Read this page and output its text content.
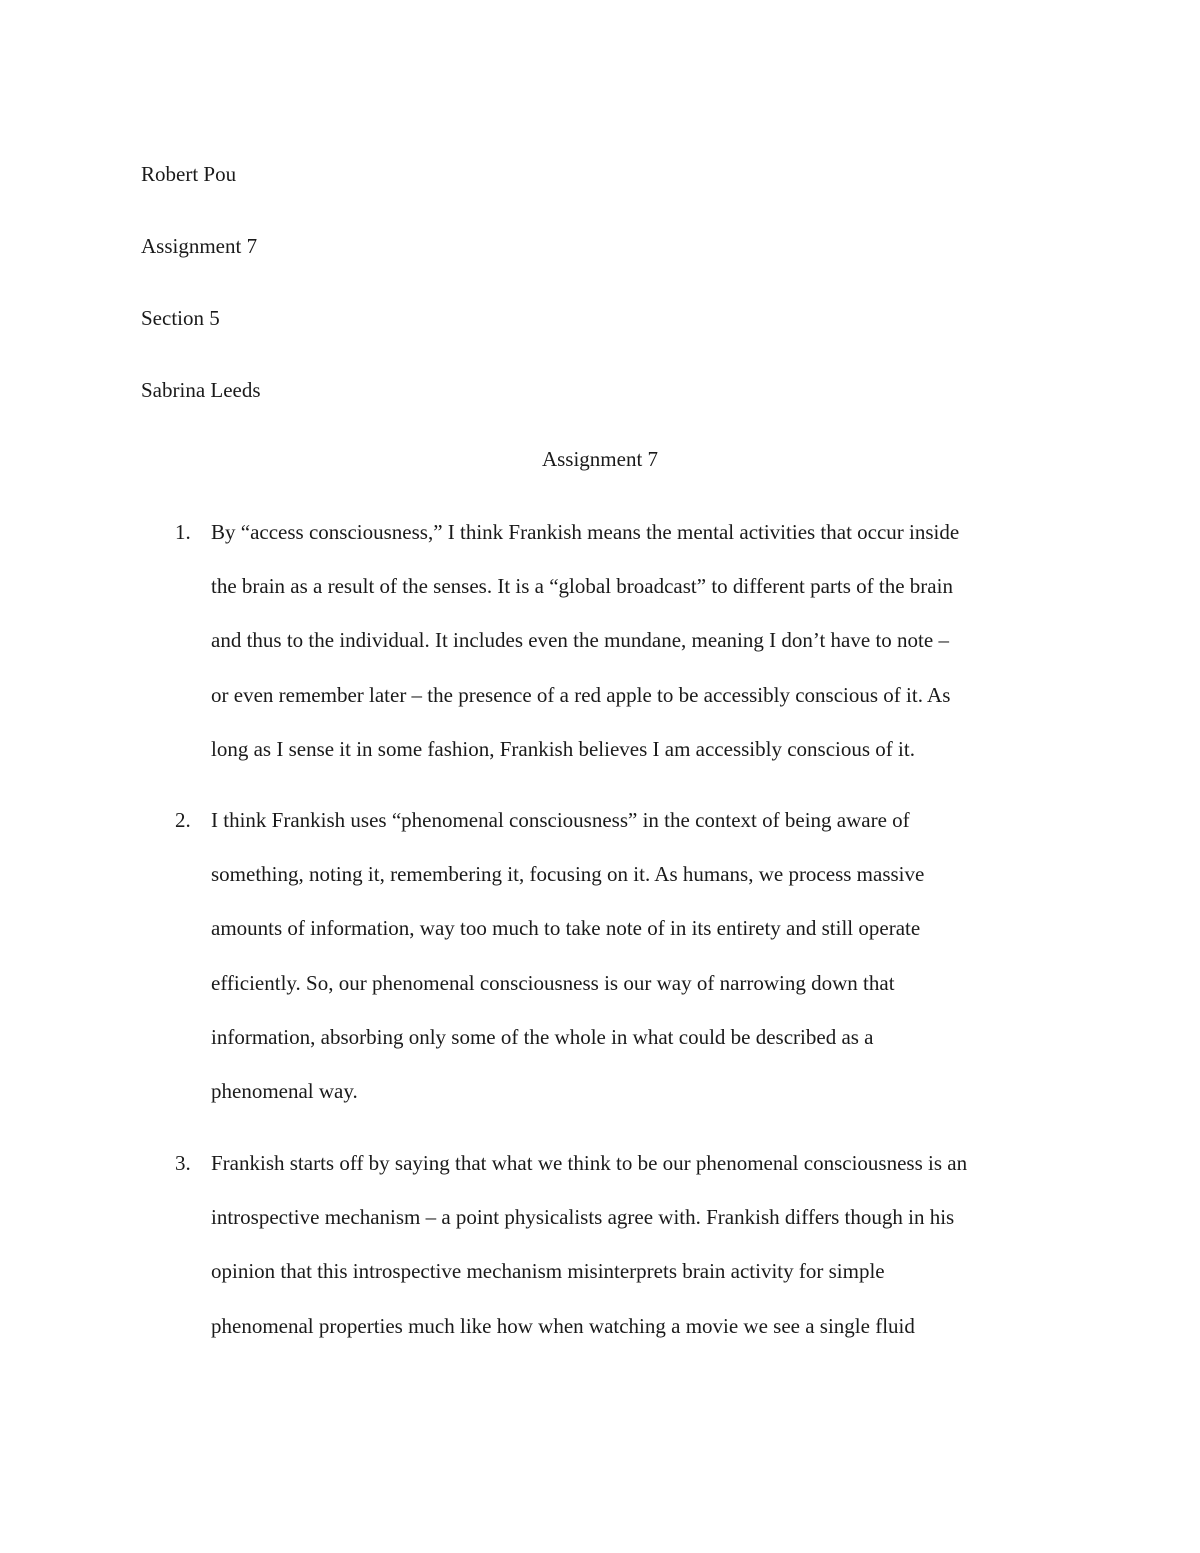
Robert Pou

Assignment 7

Section 5

Sabrina Leeds

Assignment 7

1. By “access consciousness,” I think Frankish means the mental activities that occur inside
the brain as a result of the senses. It is a “global broadcast” to different parts of the brain
and thus to the individual. It includes even the mundane, meaning I don’t have to note –
or even remember later – the presence of a red apple to be accessibly conscious of it. As
long as I sense it in some fashion, Frankish believes I am accessibly conscious of it.

2. I think Frankish uses “phenomenal consciousness” in the context of being aware of
something, noting it, remembering it, focusing on it. As humans, we process massive
amounts of information, way too much to take note of in its entirety and still operate
efficiently. So, our phenomenal consciousness is our way of narrowing down that
information, absorbing only some of the whole in what could be described as a
phenomenal way.

3. Frankish starts off by saying that what we think to be our phenomenal consciousness is an
introspective mechanism – a point physicalists agree with. Frankish differs though in his
opinion that this introspective mechanism misinterprets brain activity for simple
phenomenal properties much like how when watching a movie we see a single fluid
